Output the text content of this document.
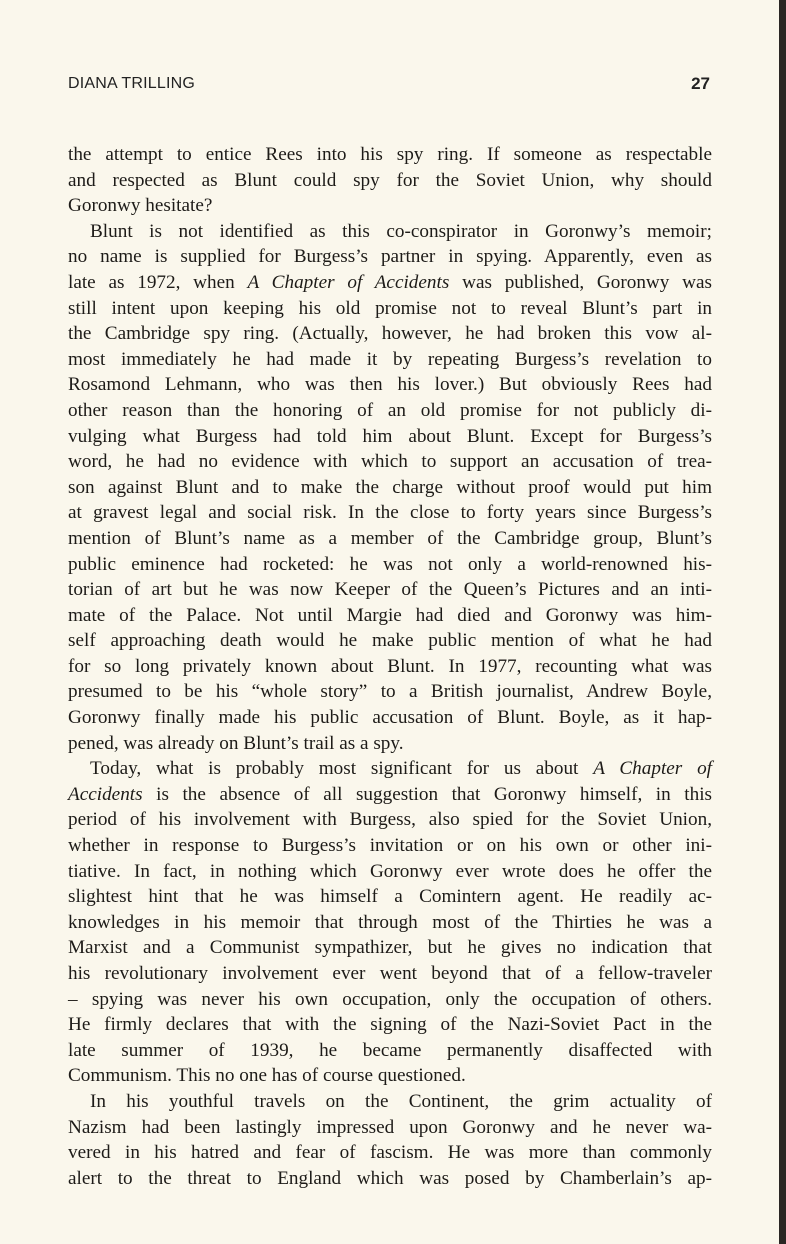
DIANA TRILLING	27
the attempt to entice Rees into his spy ring. If someone as respectable
and respected as Blunt could spy for the Soviet Union, why should
Goronwy hesitate?
Blunt is not identified as this co-conspirator in Goronwy’s memoir;
no name is supplied for Burgess’s partner in spying. Apparently, even as
late as 1972, when A Chapter of Accidents was published, Goronwy was
still intent upon keeping his old promise not to reveal Blunt’s part in
the Cambridge spy ring. (Actually, however, he had broken this vow al-
most immediately he had made it by repeating Burgess’s revelation to
Rosamond Lehmann, who was then his lover.) But obviously Rees had
other reason than the honoring of an old promise for not publicly di-
vulging what Burgess had told him about Blunt. Except for Burgess’s
word, he had no evidence with which to support an accusation of trea-
son against Blunt and to make the charge without proof would put him
at gravest legal and social risk. In the close to forty years since Burgess’s
mention of Blunt’s name as a member of the Cambridge group, Blunt’s
public eminence had rocketed: he was not only a world-renowned his-
torian of art but he was now Keeper of the Queen’s Pictures and an inti-
mate of the Palace. Not until Margie had died and Goronwy was him-
self approaching death would he make public mention of what he had
for so long privately known about Blunt. In 1977, recounting what was
presumed to be his “whole story” to a British journalist, Andrew Boyle,
Goronwy finally made his public accusation of Blunt. Boyle, as it hap-
pened, was already on Blunt’s trail as a spy.
Today, what is probably most significant for us about A Chapter of
Accidents is the absence of all suggestion that Goronwy himself, in this
period of his involvement with Burgess, also spied for the Soviet Union,
whether in response to Burgess’s invitation or on his own or other ini-
tiative. In fact, in nothing which Goronwy ever wrote does he offer the
slightest hint that he was himself a Comintern agent. He readily ac-
knowledges in his memoir that through most of the Thirties he was a
Marxist and a Communist sympathizer, but he gives no indication that
his revolutionary involvement ever went beyond that of a fellow-traveler
– spying was never his own occupation, only the occupation of others.
He firmly declares that with the signing of the Nazi-Soviet Pact in the
late summer of 1939, he became permanently disaffected with
Communism. This no one has of course questioned.
In his youthful travels on the Continent, the grim actuality of
Nazism had been lastingly impressed upon Goronwy and he never wa-
vered in his hatred and fear of fascism. He was more than commonly
alert to the threat to England which was posed by Chamberlain’s ap-
